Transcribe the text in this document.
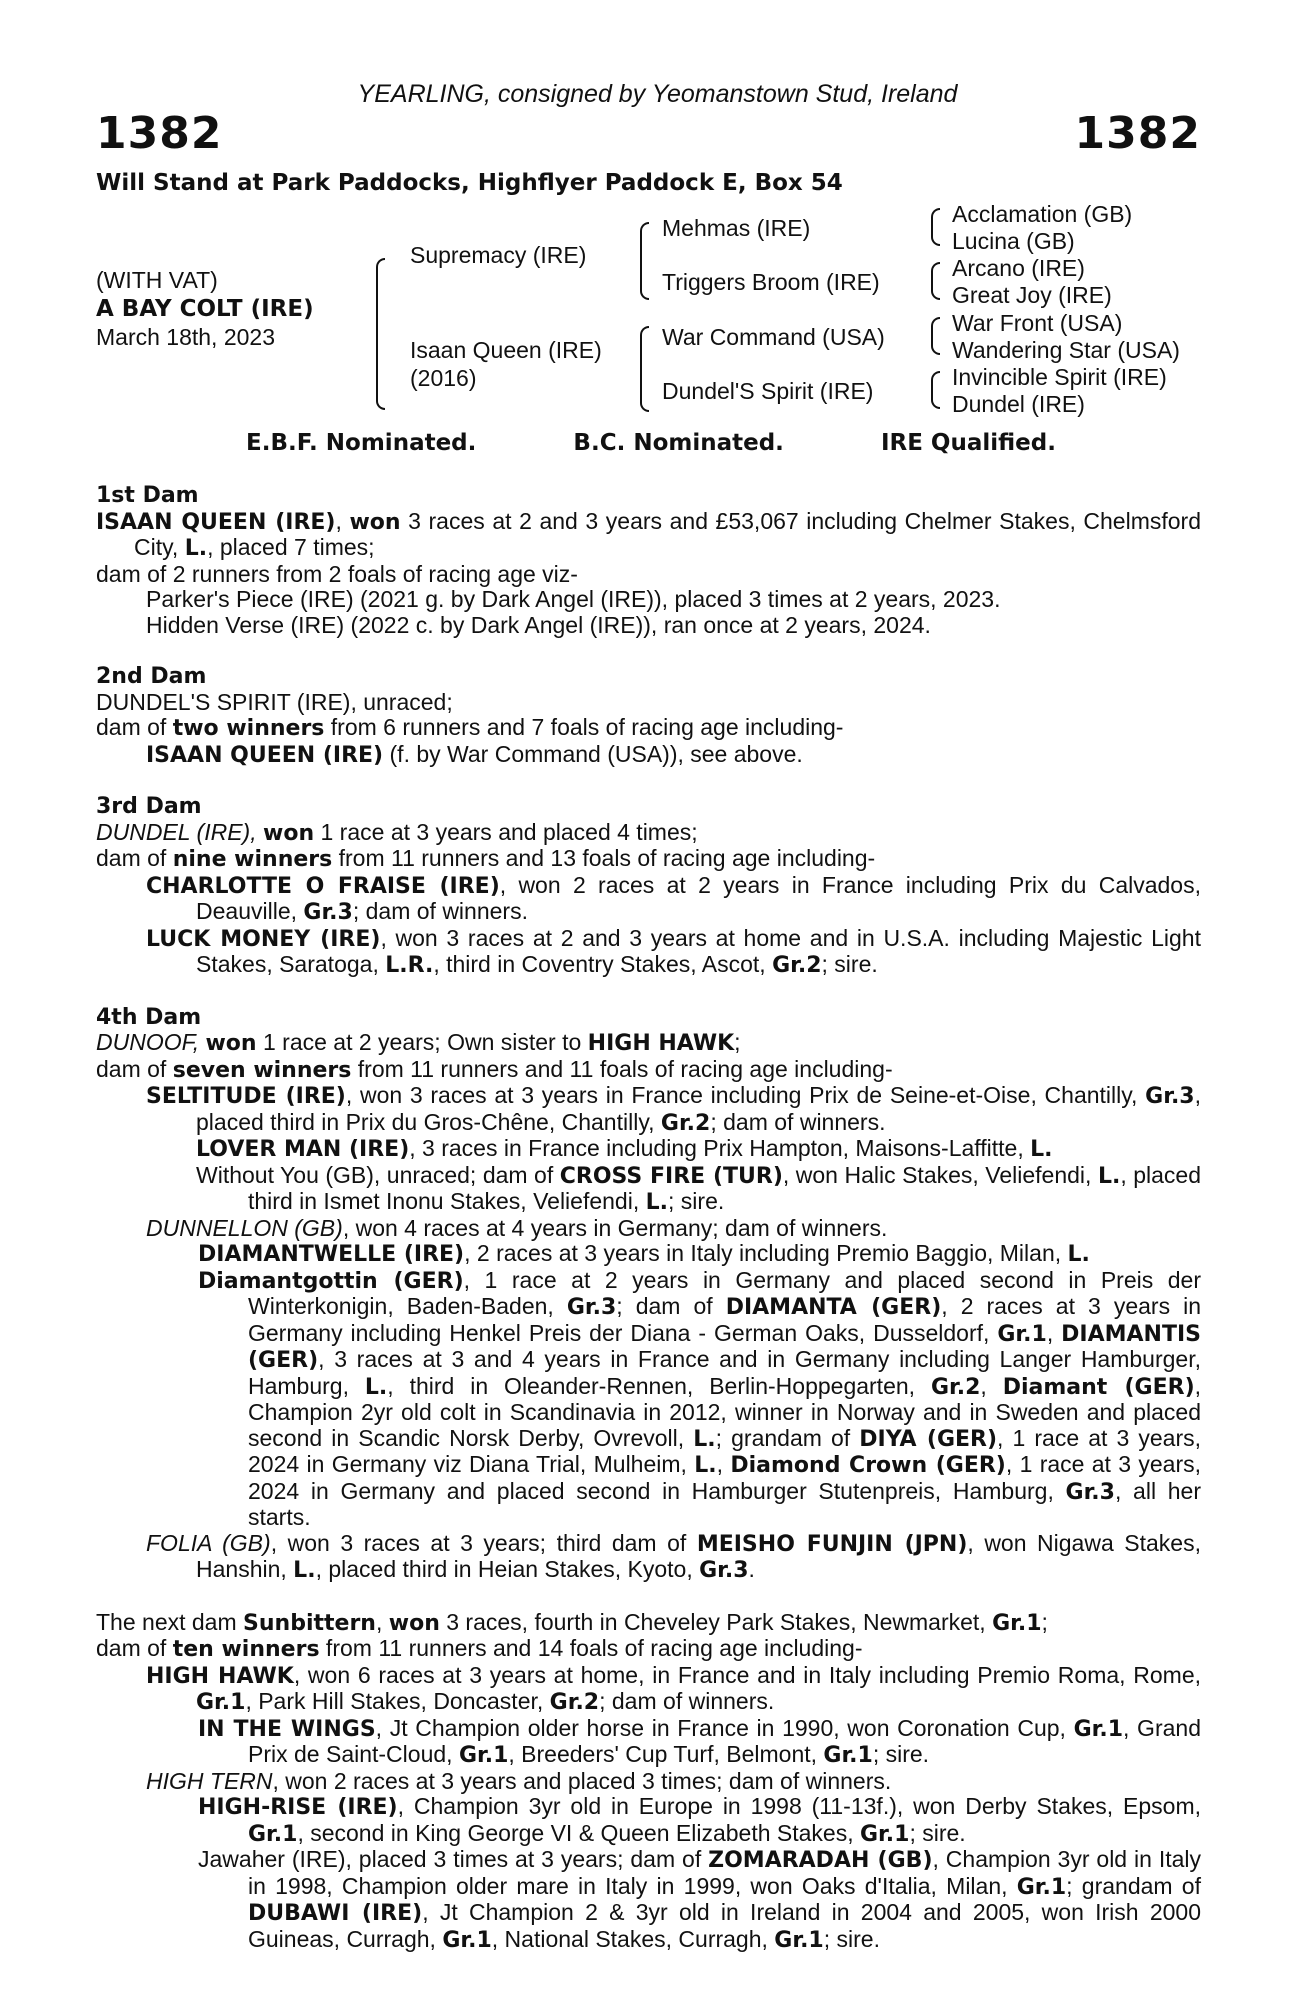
YEARLING, consigned by Yeomanstown Stud, Ireland
1382	1382
Will Stand at Park Paddocks, Highflyer Paddock E, Box 54
(WITH VAT)
A BAY COLT (IRE)
March 18th, 2023
Supremacy (IRE)
Isaan Queen (IRE)
(2016)
Mehmas (IRE)
Triggers Broom (IRE)
War Command (USA)
Dundel'S Spirit (IRE)
Acclamation (GB)
Lucina (GB)
Arcano (IRE)
Great Joy (IRE)
War Front (USA)
Wandering Star (USA)
Invincible Spirit (IRE)
Dundel (IRE)
E.B.F. Nominated.	B.C. Nominated.	IRE Qualified.

1st Dam

ISAAN QUEEN (IRE), won 3 races at 2 and 3 years and £53,067 including Chelmer Stakes, Chelmsford City, L., placed 7 times;

dam of 2 runners from 2 foals of racing age viz-

Parker's Piece (IRE) (2021 g. by Dark Angel (IRE)), placed 3 times at 2 years, 2023.

Hidden Verse (IRE) (2022 c. by Dark Angel (IRE)), ran once at 2 years, 2024.

2nd Dam

DUNDEL'S SPIRIT (IRE), unraced;

dam of two winners from 6 runners and 7 foals of racing age including-

ISAAN QUEEN (IRE) (f. by War Command (USA)), see above.

3rd Dam

DUNDEL (IRE), won 1 race at 3 years and placed 4 times;

dam of nine winners from 11 runners and 13 foals of racing age including-

CHARLOTTE O FRAISE (IRE), won 2 races at 2 years in France including Prix du Calvados, Deauville, Gr.3; dam of winners.

LUCK MONEY (IRE), won 3 races at 2 and 3 years at home and in U.S.A. including Majestic Light Stakes, Saratoga, L.R., third in Coventry Stakes, Ascot, Gr.2; sire.

4th Dam

DUNOOF, won 1 race at 2 years; Own sister to HIGH HAWK;

dam of seven winners from 11 runners and 11 foals of racing age including-

SELTITUDE (IRE), won 3 races at 3 years in France including Prix de Seine-et-Oise, Chantilly, Gr.3, placed third in Prix du Gros-Chêne, Chantilly, Gr.2; dam of winners.

LOVER MAN (IRE), 3 races in France including Prix Hampton, Maisons-Laffitte, L.

Without You (GB), unraced; dam of CROSS FIRE (TUR), won Halic Stakes, Veliefendi, L., placed third in Ismet Inonu Stakes, Veliefendi, L.; sire.

DUNNELLON (GB), won 4 races at 4 years in Germany; dam of winners.

DIAMANTWELLE (IRE), 2 races at 3 years in Italy including Premio Baggio, Milan, L.

Diamantgottin (GER), 1 race at 2 years in Germany and placed second in Preis der Winterkonigin, Baden-Baden, Gr.3; dam of DIAMANTA (GER), 2 races at 3 years in Germany including Henkel Preis der Diana - German Oaks, Dusseldorf, Gr.1, DIAMANTIS (GER), 3 races at 3 and 4 years in France and in Germany including Langer Hamburger, Hamburg, L., third in Oleander-Rennen, Berlin-Hoppegarten, Gr.2, Diamant (GER), Champion 2yr old colt in Scandinavia in 2012, winner in Norway and in Sweden and placed second in Scandic Norsk Derby, Ovrevoll, L.; grandam of DIYA (GER), 1 race at 3 years, 2024 in Germany viz Diana Trial, Mulheim, L., Diamond Crown (GER), 1 race at 3 years, 2024 in Germany and placed second in Hamburger Stutenpreis, Hamburg, Gr.3, all her starts.

FOLIA (GB), won 3 races at 3 years; third dam of MEISHO FUNJIN (JPN), won Nigawa Stakes, Hanshin, L., placed third in Heian Stakes, Kyoto, Gr.3.

The next dam Sunbittern, won 3 races, fourth in Cheveley Park Stakes, Newmarket, Gr.1;

dam of ten winners from 11 runners and 14 foals of racing age including-

HIGH HAWK, won 6 races at 3 years at home, in France and in Italy including Premio Roma, Rome, Gr.1, Park Hill Stakes, Doncaster, Gr.2; dam of winners.

IN THE WINGS, Jt Champion older horse in France in 1990, won Coronation Cup, Gr.1, Grand Prix de Saint-Cloud, Gr.1, Breeders' Cup Turf, Belmont, Gr.1; sire.

HIGH TERN, won 2 races at 3 years and placed 3 times; dam of winners.

HIGH-RISE (IRE), Champion 3yr old in Europe in 1998 (11-13f.), won Derby Stakes, Epsom, Gr.1, second in King George VI & Queen Elizabeth Stakes, Gr.1; sire.

Jawaher (IRE), placed 3 times at 3 years; dam of ZOMARADAH (GB), Champion 3yr old in Italy in 1998, Champion older mare in Italy in 1999, won Oaks d'Italia, Milan, Gr.1; grandam of DUBAWI (IRE), Jt Champion 2 & 3yr old in Ireland in 2004 and 2005, won Irish 2000 Guineas, Curragh, Gr.1, National Stakes, Curragh, Gr.1; sire.
